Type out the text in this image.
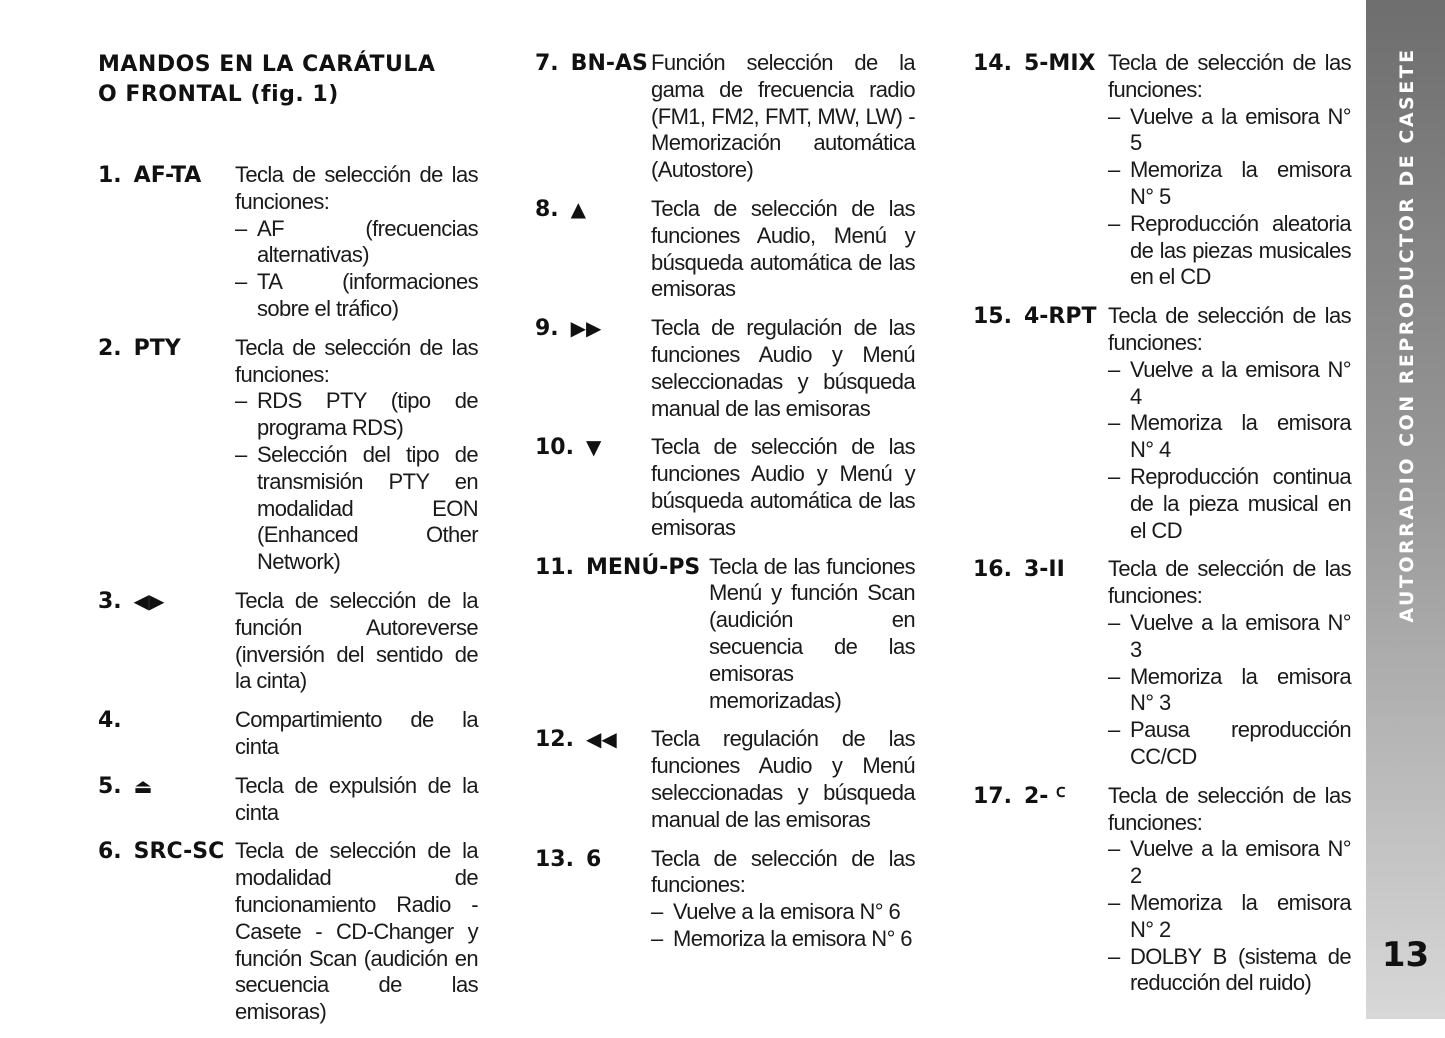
MANDOS EN LA CARÁTULA
O FRONTAL (fig. 1)
1. AF-TA Tecla de selección de las funciones:
– AF (frecuencias alternativas)
– TA (informaciones sobre el tráfico)
2. PTY Tecla de selección de las funciones:
– RDS PTY (tipo de programa RDS)
– Selección del tipo de transmisión PTY en modalidad EON (Enhanced Other Network)
3. ◀▶	Tecla de selección de la función Autoreverse (inversión del sentido de la cinta)
4.	Compartimiento de la cinta
5. ⏏	Tecla de expulsión de la cinta
6. SRC-SC Tecla de selección de la modalidad de funcionamiento Radio - Casete - CD-Changer y función Scan (audición en secuencia de las emisoras)
7. BN-AS Función selección de la gama de frecuencia radio (FM1, FM2, FMT, MW, LW) - Memorización automática (Autostore)
8. ▲	Tecla de selección de las funciones Audio, Menú y búsqueda automática de las emisoras
9. ▶▶ Tecla de regulación de las funciones Audio y Menú seleccionadas y búsqueda manual de las emisoras
10. ▼ Tecla de selección de las funciones Audio y Menú y búsqueda automática de las emisoras
11. MENÚ-PS Tecla de las funciones Menú y función Scan (audición en secuencia de las emisoras memorizadas)
12. ◀◀ Tecla regulación de las funciones Audio y Menú seleccionadas y búsqueda manual de las emisoras
13. 6 Tecla de selección de las funciones:
– Vuelve a la emisora N° 6
– Memoriza la emisora N° 6
14. 5-MIX Tecla de selección de las funciones:
– Vuelve a la emisora N° 5
– Memoriza la emisora N° 5
– Reproducción aleatoria de las piezas musicales en el CD
15. 4-RPT Tecla de selección de las funciones:
– Vuelve a la emisora N° 4
– Memoriza la emisora N° 4
– Reproducción continua de la pieza musical en el CD
16. 3-II Tecla de selección de las funciones:
– Vuelve a la emisora N° 3
– Memoriza la emisora N° 3
– Pausa reproducción CC/CD
17. 2- ꟲ Tecla de selección de las funciones:
– Vuelve a la emisora N° 2
– Memoriza la emisora N° 2
– DOLBY B (sistema de reducción del ruido)
AUTORRADIO CON REPRODUCTOR DE CASETE
13
